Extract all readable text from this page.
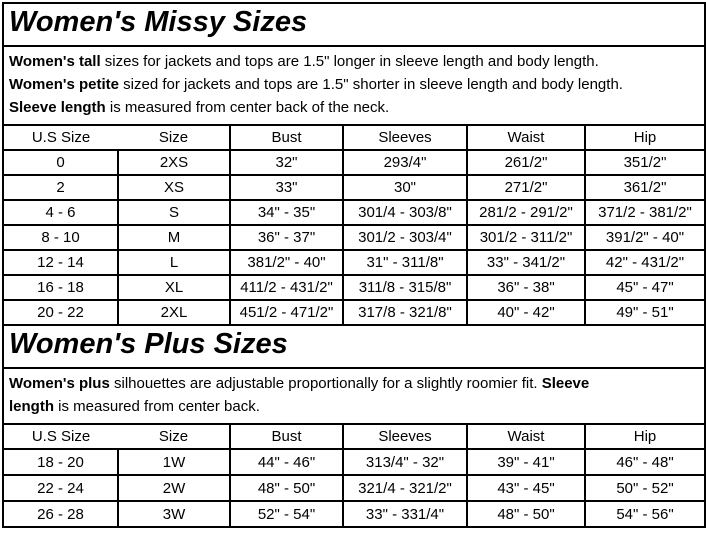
Women's Missy Sizes					

Women's tall sizes for jackets and tops are 1.5" longer in sleeve length and body length.
Women's petite sized for jackets and tops are 1.5" shorter in sleeve length and body length.
Sleeve length is measured from center back of the neck.					

U.S Size	Size	Bust	Sleeves	Waist	Hip
0	2XS	32"	293/4"	261/2"	351/2"
2	XS	33"	30"	271/2"	361/2"
4 - 6	S	34" - 35"	301/4 - 303/8"	281/2 - 291/2"	371/2 - 381/2"
8 - 10	M	36" - 37"	301/2 - 303/4"	301/2 - 311/2"	391/2" - 40"
12 - 14	L	381/2" - 40"	31" - 311/8"	33" - 341/2"	42" - 431/2"
16 - 18	XL	411/2 - 431/2"	311/8 - 315/8"	36" - 38"	45" - 47"
20 - 22	2XL	451/2 - 471/2"	317/8 - 321/8"	40" - 42"	49" - 51"
Women's Plus Sizes					

Women's plus silhouettes are adjustable proportionally for a slightly roomier fit. Sleeve
length is measured from center back.					

U.S Size	Size	Bust	Sleeves	Waist	Hip
18 - 20	1W	44" - 46"	313/4" - 32"	39" - 41"	46" - 48"
22 - 24	2W	48" - 50"	321/4 - 321/2"	43" - 45"	50" - 52"
26 - 28	3W	52" - 54"	33" - 331/4"	48" - 50"	54" - 56"
